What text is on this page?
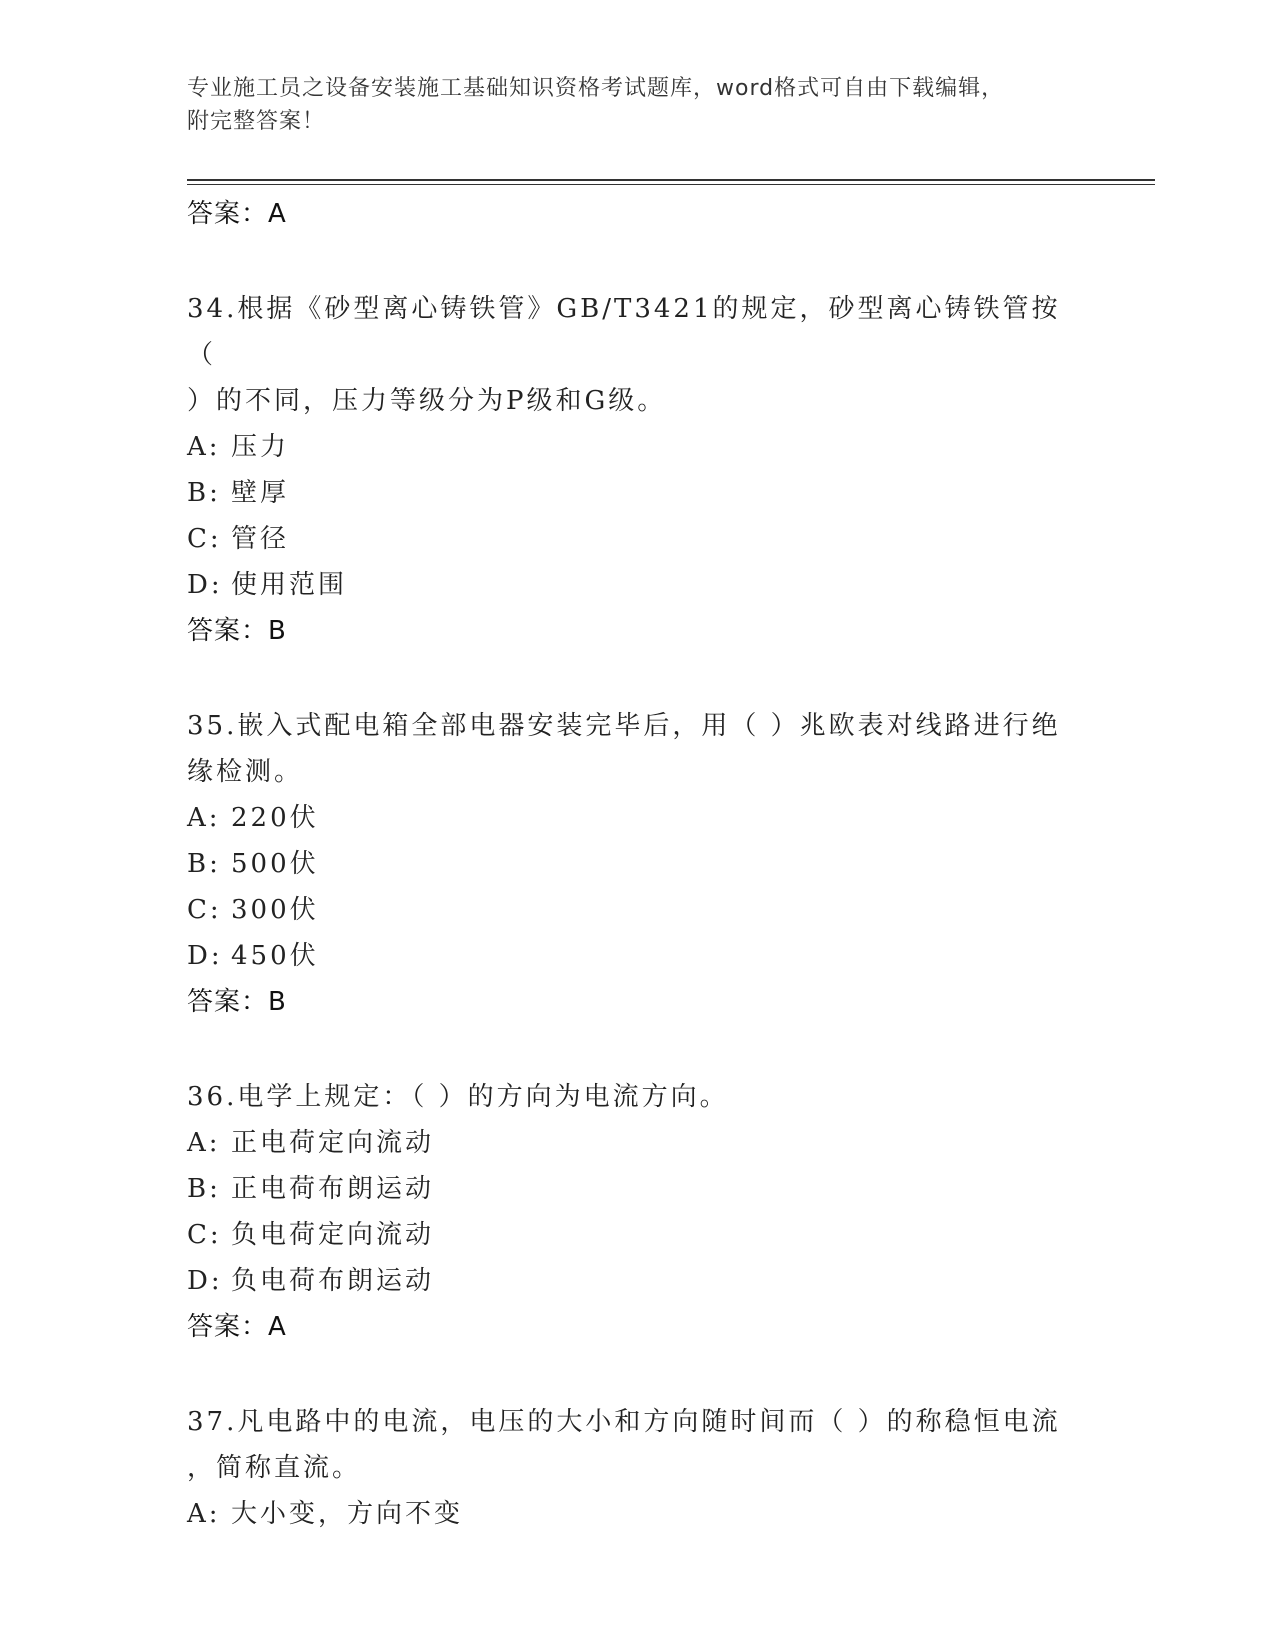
专业施工员之设备安装施工基础知识资格考试题库，word格式可自由下载编辑，
附完整答案！
答案：A
34.根据《砂型离心铸铁管》GB/T3421的规定，砂型离心铸铁管按（
）的不同，压力等级分为P级和G级。
A: 压力
B: 壁厚
C: 管径
D: 使用范围
答案：B
35.嵌入式配电箱全部电器安装完毕后，用（ ）兆欧表对线路进行绝
缘检测。
A: 220伏
B: 500伏
C: 300伏
D: 450伏
答案：B
36.电学上规定：（ ）的方向为电流方向。
A: 正电荷定向流动
B: 正电荷布朗运动
C: 负电荷定向流动
D: 负电荷布朗运动
答案：A
37.凡电路中的电流，电压的大小和方向随时间而（ ）的称稳恒电流
，简称直流。
A: 大小变，方向不变
